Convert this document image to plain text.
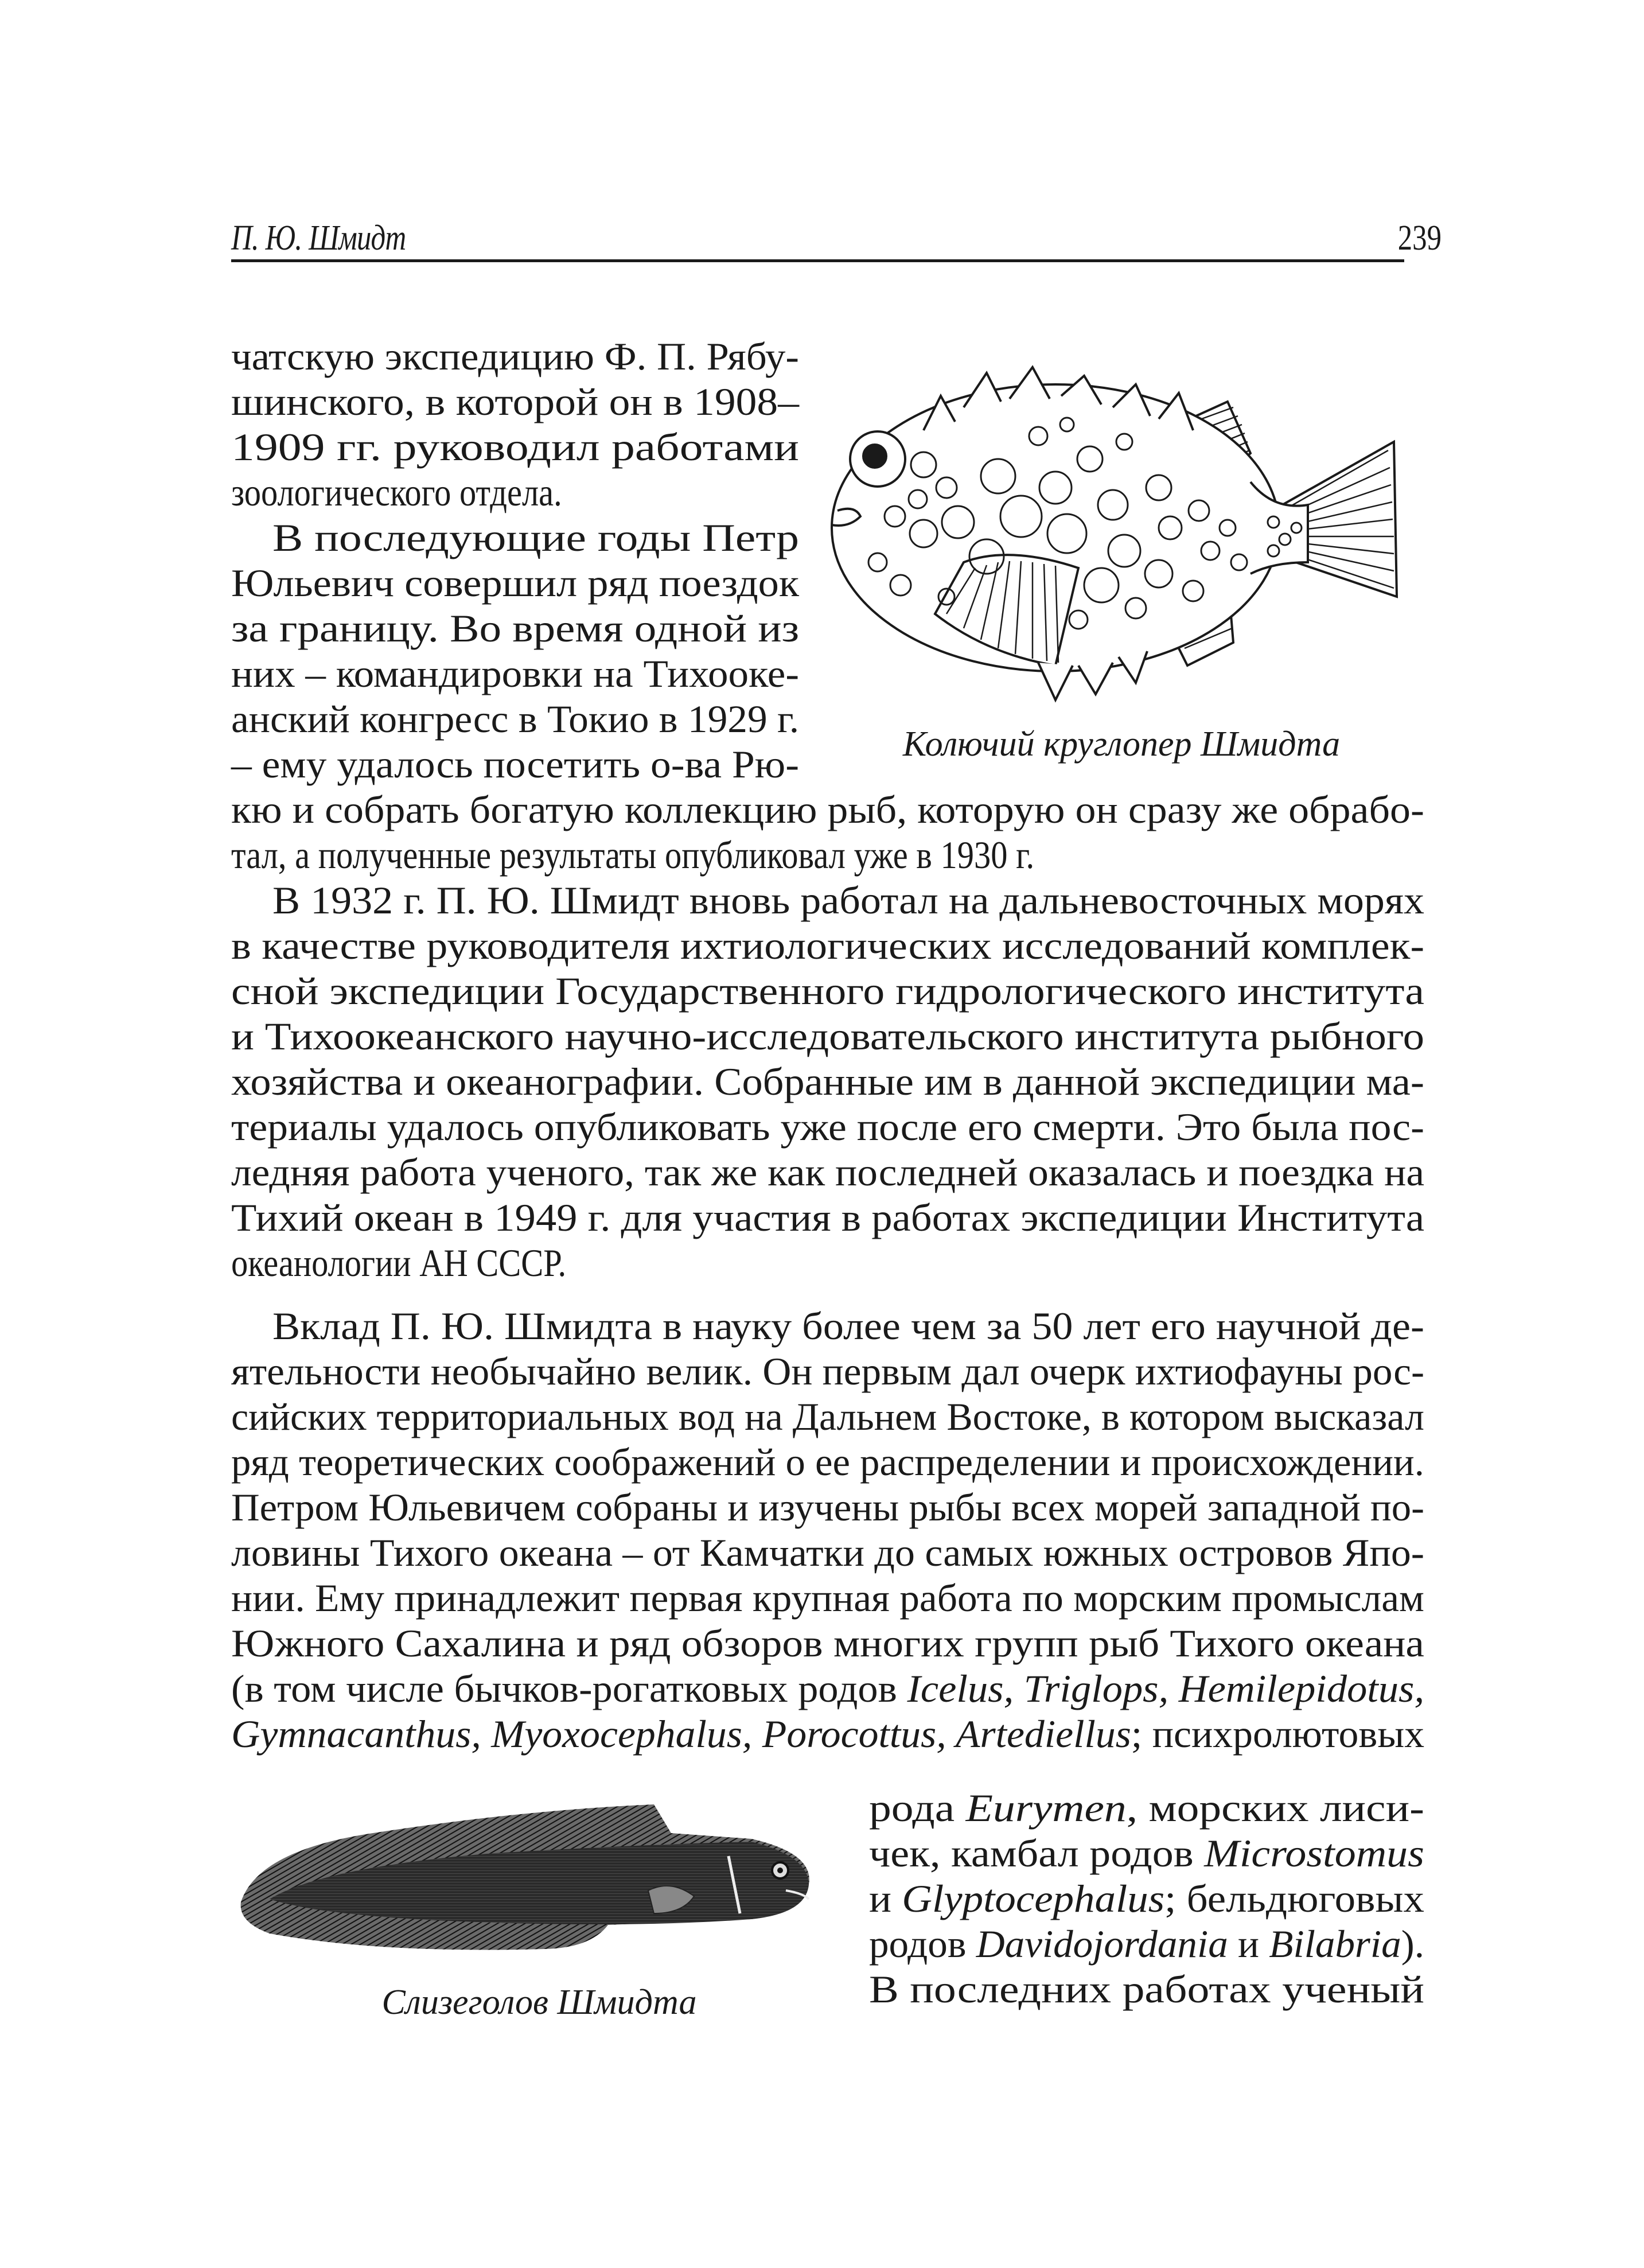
П. Ю. Шмидт	239
чатскую экспедицию Ф. П. Рябу-
шинского, в которой он в 1908–
1909 гг. руководил работами
зоологического отдела.
В последующие годы Петр
Юльевич совершил ряд поездок
за границу. Во время одной из
них – командировки на Тихооке-
анский конгресс в Токио в 1929 г.
– ему удалось посетить о-ва Рю-	Колючий круглопер Шмидта
кю и собрать богатую коллекцию рыб, которую он сразу же обрабо-
тал, а полученные результаты опубликовал уже в 1930 г.
В 1932 г. П. Ю. Шмидт вновь работал на дальневосточных морях
в качестве руководителя ихтиологических исследований комплек-
сной экспедиции Государственного гидрологического института
и Тихоокеанского научно-исследовательского института рыбного
хозяйства и океанографии. Собранные им в данной экспедиции ма-
териалы удалось опубликовать уже после его смерти. Это была пос-
ледняя работа ученого, так же как последней оказалась и поездка на
Тихий океан в 1949 г. для участия в работах экспедиции Института
океанологии АН СССР.
Вклад П. Ю. Шмидта в науку более чем за 50 лет его научной де-
ятельности необычайно велик. Он первым дал очерк ихтиофауны рос-
сийских территориальных вод на Дальнем Востоке, в котором высказал
ряд теоретических соображений о ее распределении и происхождении.
Петром Юльевичем собраны и изучены рыбы всех морей западной по-
ловины Тихого океана – от Камчатки до самых южных островов Япо-
нии. Ему принадлежит первая крупная работа по морским промыслам
Южного Сахалина и ряд обзоров многих групп рыб Тихого океана
(в том числе бычков-рогатковых родов Icelus, Triglops, Hemilepidotus,
Gymnacanthus, Myoxocephalus, Porocottus, Artediellus; психролютовых
Слизеголов Шмидта
рода Eurymen, морских лиси-
чек, камбал родов Microstomus
и Glyptocephalus; бельдюговых
родов Davidojordania и Bilabria).
В последних работах ученый
